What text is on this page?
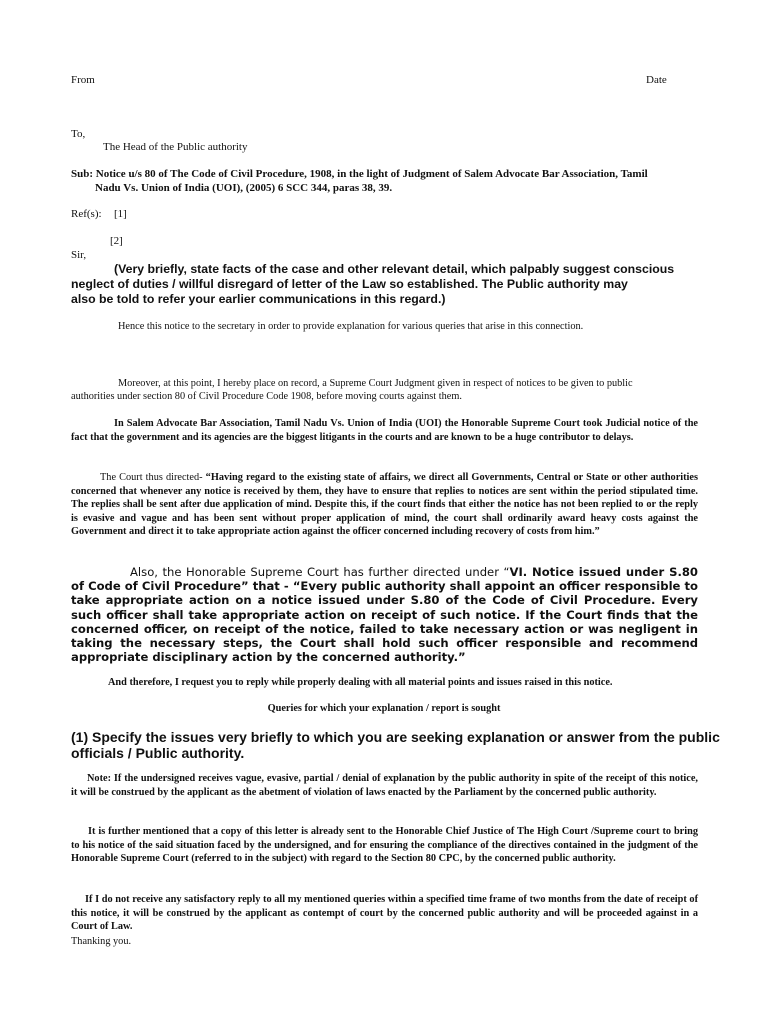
From	Date
To,
The Head of the Public authority
Sub: Notice u/s 80 of The Code of Civil Procedure, 1908, in the light of Judgment of Salem Advocate Bar Association, Tamil
Nadu Vs. Union of India (UOI), (2005) 6 SCC 344, paras 38, 39.
Ref(s): [1]
[2]
Sir,
(Very briefly, state facts of the case and other relevant detail, which palpably suggest conscious
neglect of duties / willful disregard of letter of the Law so established. The Public authority may
also be told to refer your earlier communications in this regard.)
Hence this notice to the secretary in order to provide explanation for various queries that arise in this connection.
Moreover, at this point, I hereby place on record, a Supreme Court Judgment given in respect of notices to be given to public
authorities under section 80 of Civil Procedure Code 1908, before moving courts against them.

In Salem Advocate Bar Association, Tamil Nadu Vs. Union of India (UOI) the Honorable Supreme Court took Judicial notice of the fact that the government and its agencies are the biggest litigants in the courts and are known to be a huge contributor to delays.

The Court thus directed- “Having regard to the existing state of affairs, we direct all Governments, Central or State or other authorities concerned that whenever any notice is received by them, they have to ensure that replies to notices are sent within the period stipulated time. The replies shall be sent after due application of mind. Despite this, if the court finds that either the notice has not been replied to or the reply is evasive and vague and has been sent without proper application of mind, the court shall ordinarily award heavy costs against the Government and direct it to take appropriate action against the officer concerned including recovery of costs from him.”

Also, the Honorable Supreme Court has further directed under “VI. Notice issued under S.80 of Code of Civil Procedure” that - “Every public authority shall appoint an officer responsible to take appropriate action on a notice issued under S.80 of the Code of Civil Procedure. Every such officer shall take appropriate action on receipt of such notice. If the Court finds that the concerned officer, on receipt of the notice, failed to take necessary action or was negligent in taking the necessary steps, the Court shall hold such officer responsible and recommend appropriate disciplinary action by the concerned authority.”

And therefore, I request you to reply while properly dealing with all material points and issues raised in this notice.
Queries for which your explanation / report is sought
(1) Specify the issues very briefly to which you are seeking explanation or answer from the public
officials / Public authority.

Note: If the undersigned receives vague, evasive, partial / denial of explanation by the public authority in spite of the receipt of this notice, it will be construed by the applicant as the abetment of violation of laws enacted by the Parliament by the concerned public authority.

It is further mentioned that a copy of this letter is already sent to the Honorable Chief Justice of The High Court /Supreme court to bring to his notice of the said situation faced by the undersigned, and for ensuring the compliance of the directives contained in the judgment of the Honorable Supreme Court (referred to in the subject) with regard to the Section 80 CPC, by the concerned public authority.

If I do not receive any satisfactory reply to all my mentioned queries within a specified time frame of two months from the date of receipt of this notice, it will be construed by the applicant as contempt of court by the concerned public authority and will be proceeded against in a Court of Law.

Thanking you.
